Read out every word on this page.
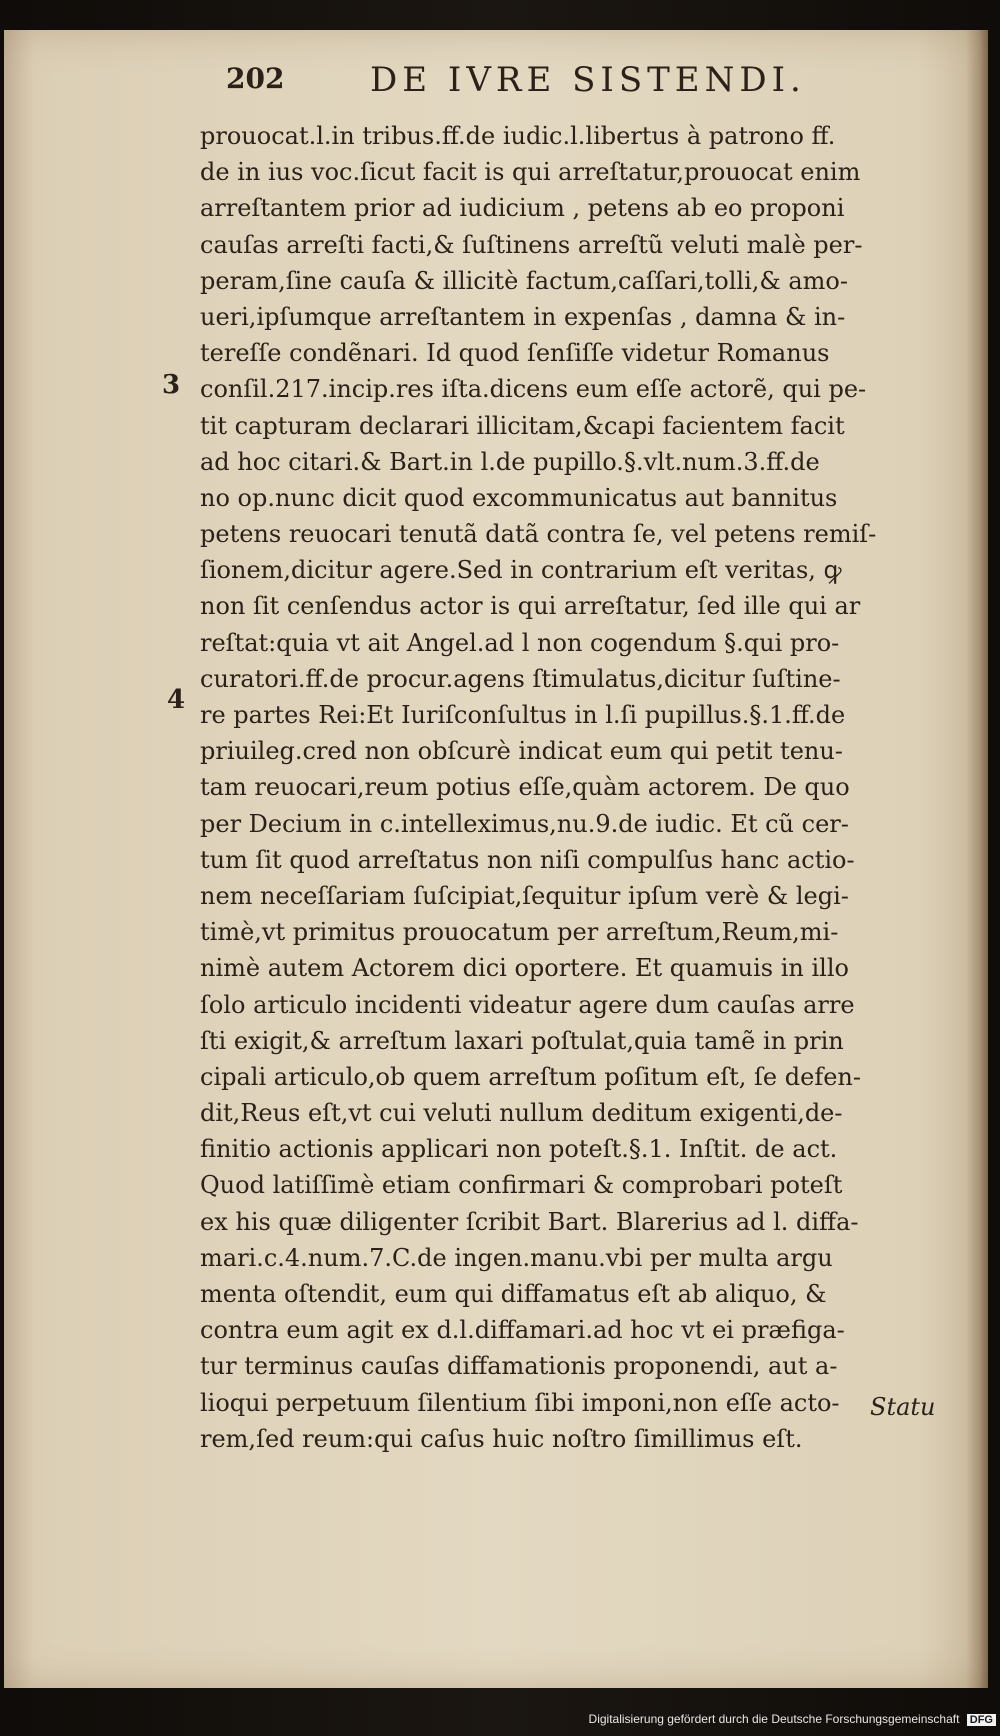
202	DE IVRE SISTENDI.
3
4
prouocat.l.in tribus.ff.de iudic.l.libertus à patrono ff.
de in ius voc.ſicut facit is qui arreſtatur,prouocat enim
arreſtantem prior ad iudicium , petens ab eo proponi
cauſas arreſti facti,& ſuſtinens arreſtũ veluti malè per-
peram,ſine cauſa & illicitè factum,caſſari,tolli,& amo-
ueri,ipſumque arreſtantem in expenſas , damna & in-
tereſſe condẽnari. Id quod ſenſiſſe videtur Romanus
conſil.217.incip.res iſta.dicens eum eſſe actorẽ, qui pe-
tit capturam declarari illicitam,&capi facientem facit
ad hoc citari.& Bart.in l.de pupillo.§.vlt.num.3.ff.de
no op.nunc dicit quod excommunicatus aut bannitus
petens reuocari tenutã datã contra ſe, vel petens remiſ-
ſionem,dicitur agere.Sed in contrarium eſt veritas, ꝙ
non ſit cenſendus actor is qui arreſtatur, ſed ille qui ar
reſtat:quia vt ait Angel.ad l non cogendum §.qui pro-
curatori.ff.de procur.agens ſtimulatus,dicitur ſuſtine-
re partes Rei:Et Iuriſconſultus in l.ſi pupillus.§.1.ff.de
priuileg.cred non obſcurè indicat eum qui petit tenu-
tam reuocari,reum potius eſſe,quàm actorem. De quo
per Decium in c.intelleximus,nu.9.de iudic. Et cũ cer-
tum ſit quod arreſtatus non niſi compulſus hanc actio-
nem neceſſariam ſuſcipiat,ſequitur ipſum verè & legi-
timè,vt primitus prouocatum per arreſtum,Reum,mi-
nimè autem Actorem dici oportere. Et quamuis in illo
ſolo articulo incidenti videatur agere dum cauſas arre
ſti exigit,& arreſtum laxari poſtulat,quia tamẽ in prin
cipali articulo,ob quem arreſtum poſitum eſt, ſe defen-
dit,Reus eſt,vt cui veluti nullum deditum exigenti,de-
finitio actionis applicari non poteſt.§.1. Inſtit. de act.
Quod latiſſimè etiam confirmari & comprobari poteſt
ex his quæ diligenter ſcribit Bart. Blarerius ad l. diffa-
mari.c.4.num.7.C.de ingen.manu.vbi per multa argu
menta oſtendit, eum qui diffamatus eſt ab aliquo, &
contra eum agit ex d.l.diffamari.ad hoc vt ei præfiga-
tur terminus cauſas diffamationis proponendi, aut a-
lioqui perpetuum ſilentium ſibi imponi,non eſſe acto-
rem,ſed reum:qui caſus huic noſtro ſimillimus eſt.
Statu
Digitalisierung gefördert durch die Deutsche Forschungsgemeinschaft DFG
